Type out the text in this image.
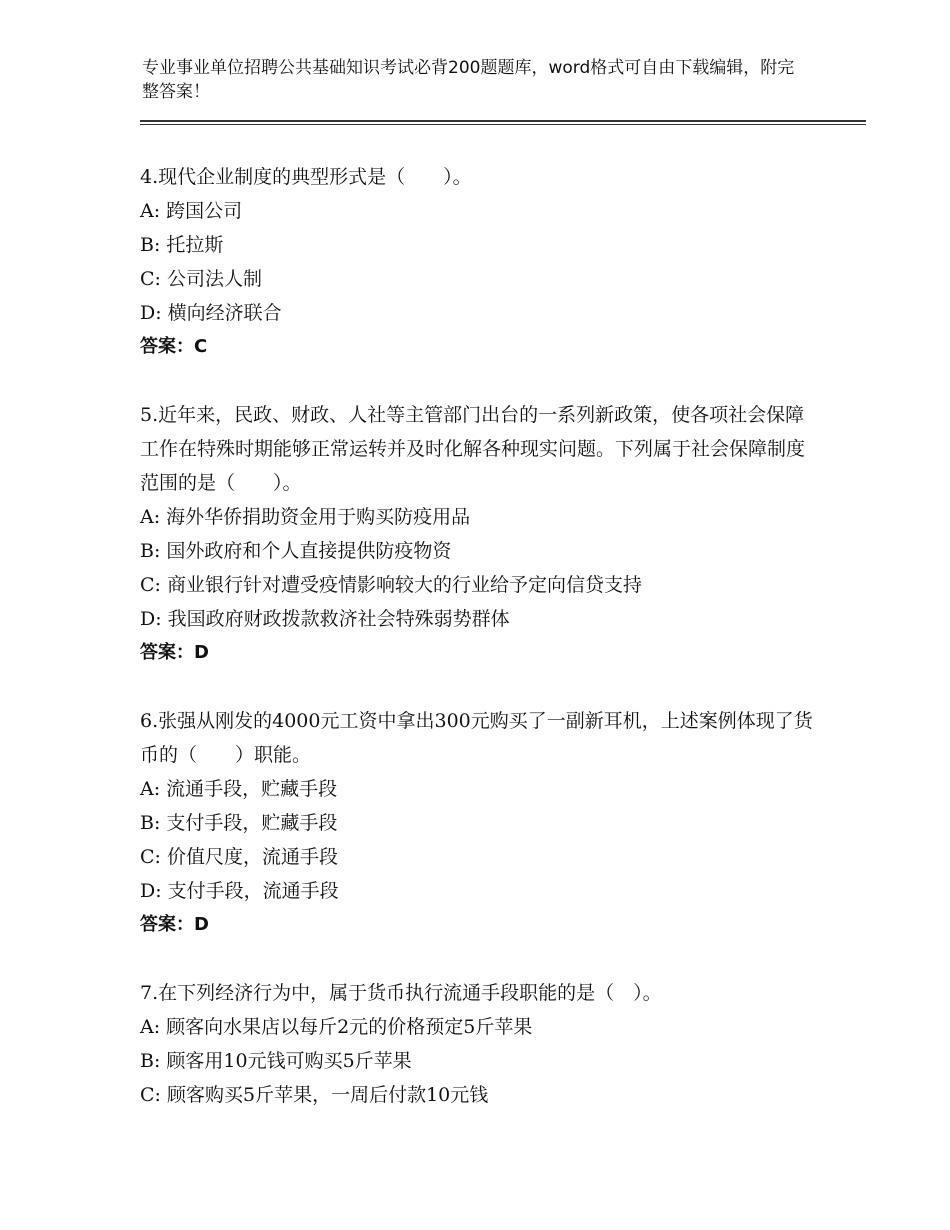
专业事业单位招聘公共基础知识考试必背200题题库，word格式可自由下载编辑，附完整答案！
4.现代企业制度的典型形式是（　　）。
A: 跨国公司
B: 托拉斯
C: 公司法人制
D: 横向经济联合
答案：C
5.近年来，民政、财政、人社等主管部门出台的一系列新政策，使各项社会保障工作在特殊时期能够正常运转并及时化解各种现实问题。下列属于社会保障制度范围的是（　　）。
A: 海外华侨捐助资金用于购买防疫用品
B: 国外政府和个人直接提供防疫物资
C: 商业银行针对遭受疫情影响较大的行业给予定向信贷支持
D: 我国政府财政拨款救济社会特殊弱势群体
答案：D
6.张强从刚发的4000元工资中拿出300元购买了一副新耳机，上述案例体现了货币的（　　）职能。
A: 流通手段，贮藏手段
B: 支付手段，贮藏手段
C: 价值尺度，流通手段
D: 支付手段，流通手段
答案：D
7.在下列经济行为中，属于货币执行流通手段职能的是（　）。
A: 顾客向水果店以每斤2元的价格预定5斤苹果
B: 顾客用10元钱可购买5斤苹果
C: 顾客购买5斤苹果，一周后付款10元钱
